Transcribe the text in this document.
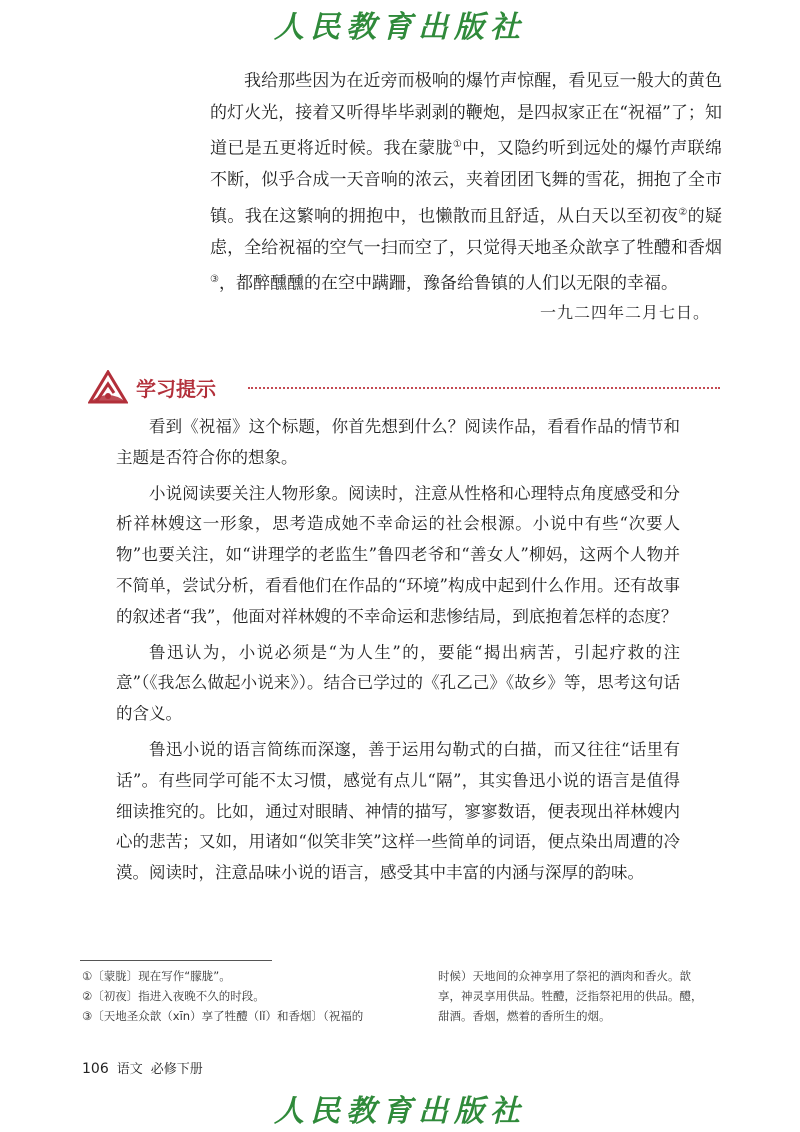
人民教育出版社

我给那些因为在近旁而极响的爆竹声惊醒，看见豆一般大的黄色的灯火光，接着又听得毕毕剥剥的鞭炮，是四叔家正在“祝福”了；知道已是五更将近时候。我在蒙胧①中，又隐约听到远处的爆竹声联绵不断，似乎合成一天音响的浓云，夹着团团飞舞的雪花，拥抱了全市镇。我在这繁响的拥抱中，也懒散而且舒适，从白天以至初夜②的疑虑，全给祝福的空气一扫而空了，只觉得天地圣众歆享了牲醴和香烟③，都醉醺醺的在空中蹒跚，豫备给鲁镇的人们以无限的幸福。

一九二四年二月七日。
学习提示

看到《祝福》这个标题，你首先想到什么？阅读作品，看看作品的情节和主题是否符合你的想象。

小说阅读要关注人物形象。阅读时，注意从性格和心理特点角度感受和分析祥林嫂这一形象，思考造成她不幸命运的社会根源。小说中有些“次要人物”也要关注，如“讲理学的老监生”鲁四老爷和“善女人”柳妈，这两个人物并不简单，尝试分析，看看他们在作品的“环境”构成中起到什么作用。还有故事的叙述者“我”，他面对祥林嫂的不幸命运和悲惨结局，到底抱着怎样的态度？

鲁迅认为，小说必须是“为人生”的，要能“揭出病苦，引起疗救的注意”（《我怎么做起小说来》）。结合已学过的《孔乙己》《故乡》等，思考这句话的含义。

鲁迅小说的语言简练而深邃，善于运用勾勒式的白描，而又往往“话里有话”。有些同学可能不太习惯，感觉有点儿“隔”，其实鲁迅小说的语言是值得细读推究的。比如，通过对眼睛、神情的描写，寥寥数语，便表现出祥林嫂内心的悲苦；又如，用诸如“似笑非笑”这样一些简单的词语，便点染出周遭的冷漠。阅读时，注意品味小说的语言，感受其中丰富的内涵与深厚的韵味。

①〔蒙胧〕现在写作“朦胧”。
②〔初夜〕指进入夜晚不久的时段。
③〔天地圣众歆（xīn）享了牲醴（lǐ）和香烟〕（祝福的
时候）天地间的众神享用了祭祀的酒肉和香火。歆
享，神灵享用供品。牲醴，泛指祭祀用的供品。醴，
甜酒。香烟，燃着的香所生的烟。
106 语文 必修下册
人民教育出版社
